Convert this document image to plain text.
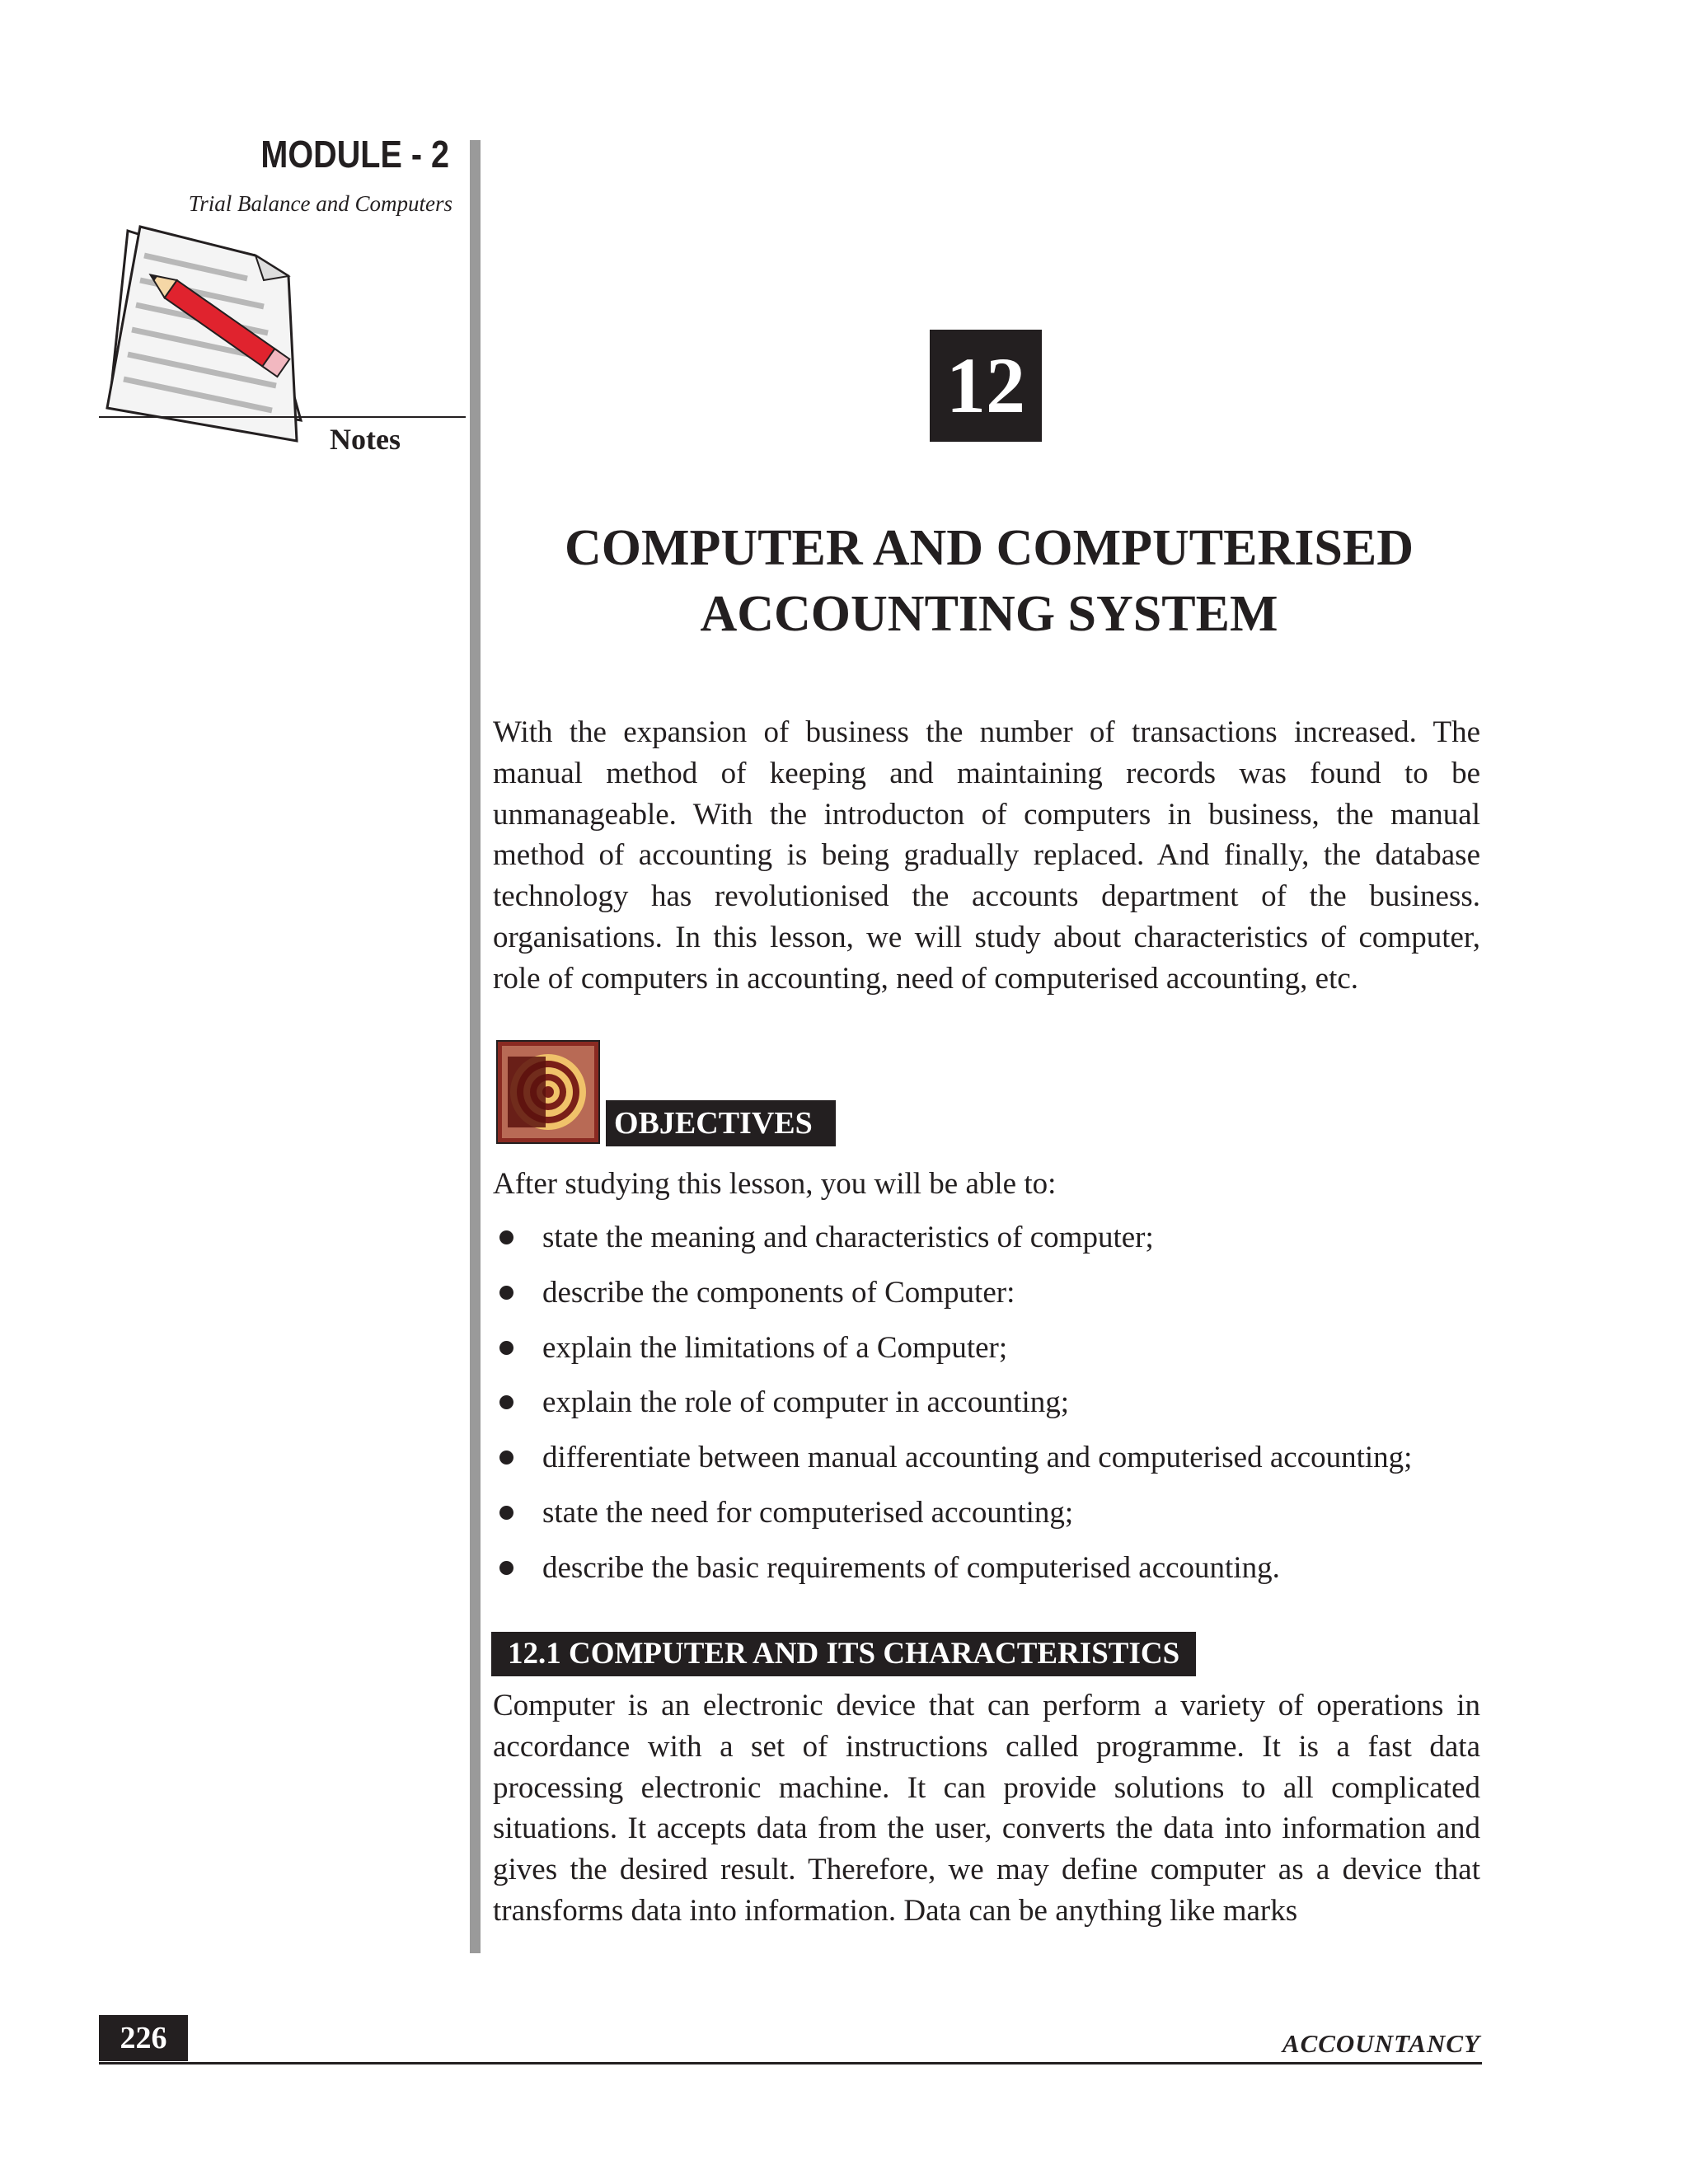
MODULE - 2
Trial Balance and Computers
Notes
12
COMPUTER AND COMPUTERISED
ACCOUNTING SYSTEM
With the expansion of business the number of transactions increased. The manual method of keeping and maintaining records was found to be unmanageable. With the introducton of computers in business, the manual method of accounting is being gradually replaced. And finally, the database technology has revolutionised the accounts department of the business. organisations. In this lesson, we will study about characteristics of computer, role of computers in accounting, need of computerised accounting, etc.
OBJECTIVES
After studying this lesson, you will be able to:
state the meaning and characteristics of computer;
describe the components of Computer:
explain the limitations of a Computer;
explain the role of computer in accounting;
differentiate between manual accounting and computerised accounting;
state the need for computerised accounting;
describe the basic requirements of computerised accounting.
12.1 COMPUTER AND ITS CHARACTERISTICS
Computer is an electronic device that can perform a variety of operations in accordance with a set of instructions called programme. It is a fast data processing electronic machine. It can provide solutions to all complicated situations. It accepts data from the user, converts the data into information and gives the desired result. Therefore, we may define computer as a device that transforms data into information. Data can be anything like marks
226	ACCOUNTANCY
